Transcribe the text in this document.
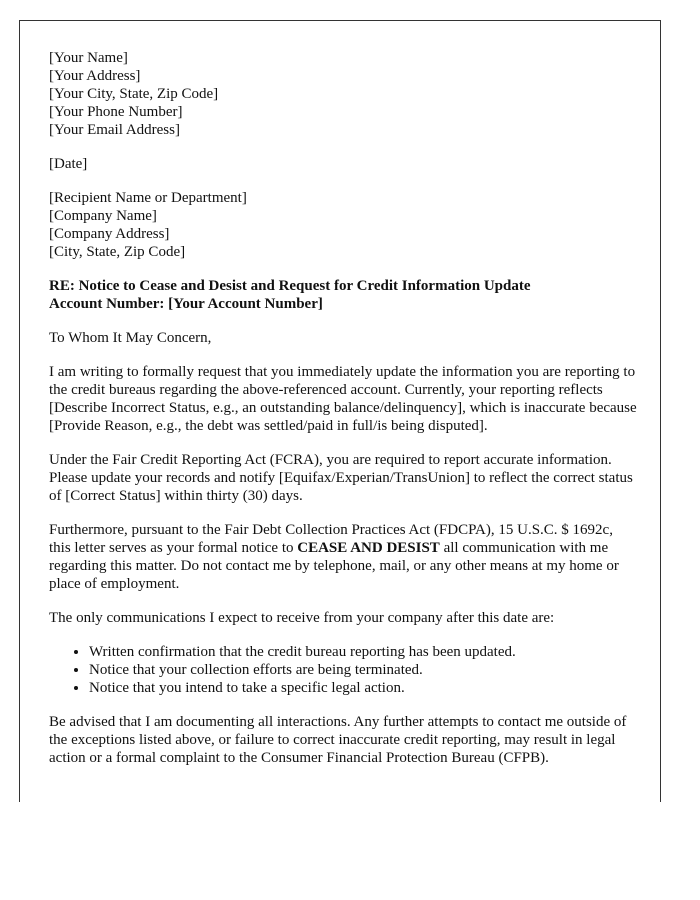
[Your Name]
[Your Address]
[Your City, State, Zip Code]
[Your Phone Number]
[Your Email Address]

[Date]

[Recipient Name or Department]
[Company Name]
[Company Address]
[City, State, Zip Code]

RE: Notice to Cease and Desist and Request for Credit Information Update
Account Number: [Your Account Number]

To Whom It May Concern,

I am writing to formally request that you immediately update the information you are reporting to the credit bureaus regarding the above-referenced account. Currently, your reporting reflects [Describe Incorrect Status, e.g., an outstanding balance/delinquency], which is inaccurate because [Provide Reason, e.g., the debt was settled/paid in full/is being disputed].

Under the Fair Credit Reporting Act (FCRA), you are required to report accurate information. Please update your records and notify [Equifax/Experian/TransUnion] to reflect the correct status of [Correct Status] within thirty (30) days.

Furthermore, pursuant to the Fair Debt Collection Practices Act (FDCPA), 15 U.S.C. $ 1692c, this letter serves as your formal notice to CEASE AND DESIST all communication with me regarding this matter. Do not contact me by telephone, mail, or any other means at my home or place of employment.

The only communications I expect to receive from your company after this date are:

• Written confirmation that the credit bureau reporting has been updated.
• Notice that your collection efforts are being terminated.
• Notice that you intend to take a specific legal action.

Be advised that I am documenting all interactions. Any further attempts to contact me outside of the exceptions listed above, or failure to correct inaccurate credit reporting, may result in legal action or a formal complaint to the Consumer Financial Protection Bureau (CFPB).
